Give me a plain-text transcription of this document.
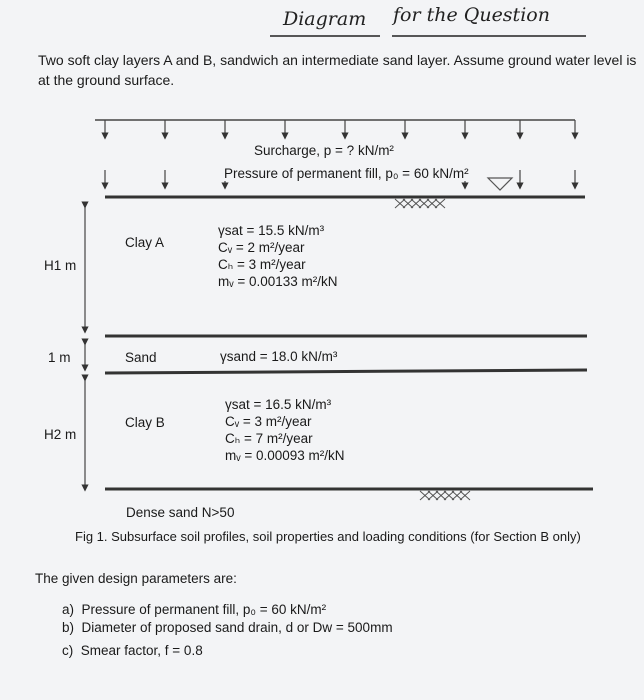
Diagram for the Question
Two soft clay layers A and B, sandwich an intermediate sand layer. Assume ground water level is at the ground surface.
Surcharge, p = ? kN/m²
Pressure of permanent fill, p₀ = 60 kN/m²
Clay A
γsat = 15.5 kN/m³
Cᵥ = 2 m²/year
Cₕ = 3 m²/year
mᵥ = 0.00133 m²/kN
H1 m
1 m
H2 m
Sand	γsand = 18.0 kN/m³
Clay B
γsat = 16.5 kN/m³
Cᵥ = 3 m²/year
Cₕ = 7 m²/year
mᵥ = 0.00093 m²/kN
Dense sand N>50
Fig 1. Subsurface soil profiles, soil properties and loading conditions (for Section B only)
The given design parameters are:
a) Pressure of permanent fill, p₀ = 60 kN/m²
b) Diameter of proposed sand drain, d or Dw = 500mm
c) Smear factor, f = 0.8
